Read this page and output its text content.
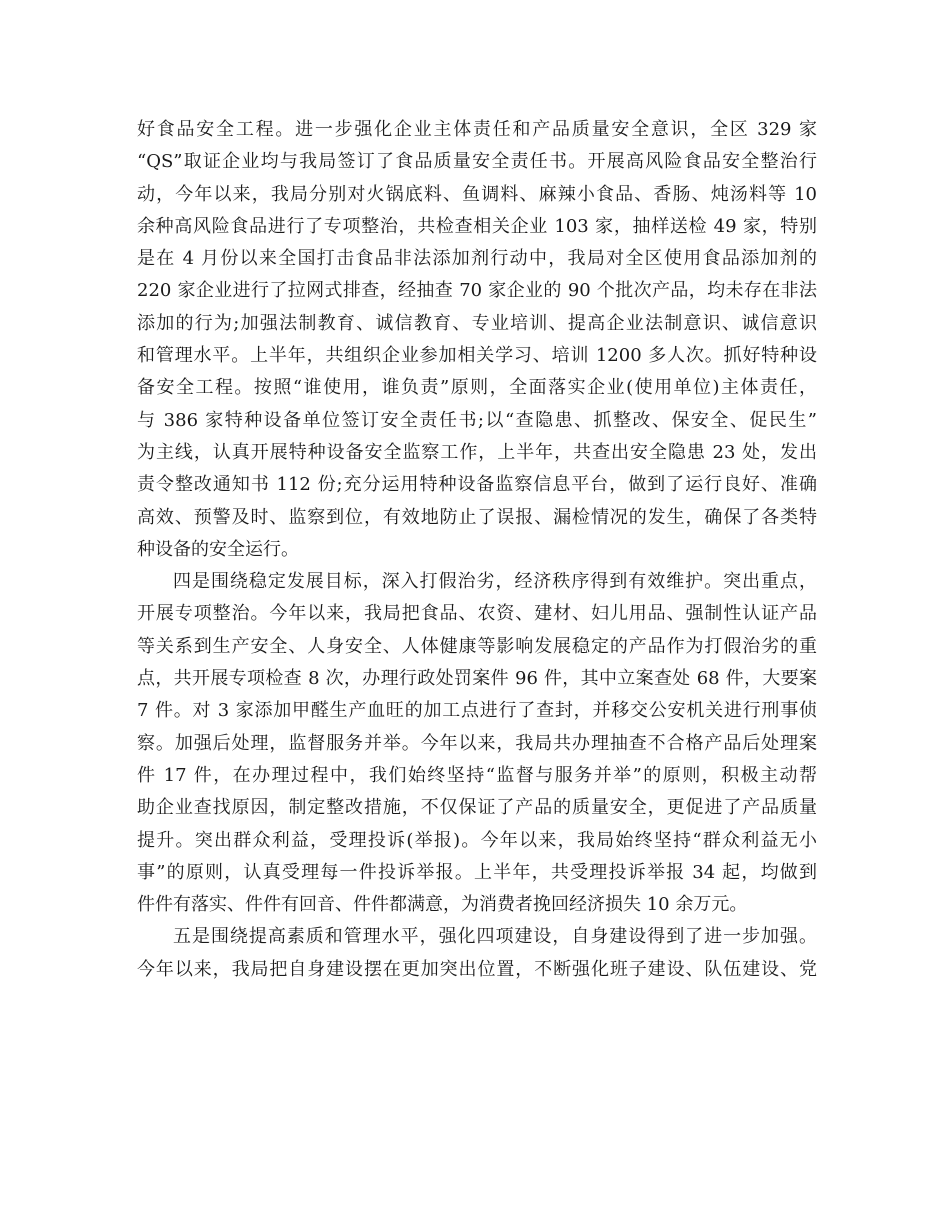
好食品安全工程。进一步强化企业主体责任和产品质量安全意识，全区 329 家
“QS”取证企业均与我局签订了食品质量安全责任书。开展高风险食品安全整治行
动，今年以来，我局分别对火锅底料、鱼调料、麻辣小食品、香肠、炖汤料等 10
余种高风险食品进行了专项整治，共检查相关企业 103 家，抽样送检 49 家，特别
是在 4 月份以来全国打击食品非法添加剂行动中，我局对全区使用食品添加剂的
220 家企业进行了拉网式排查，经抽查 70 家企业的 90 个批次产品，均未存在非法
添加的行为;加强法制教育、诚信教育、专业培训、提高企业法制意识、诚信意识
和管理水平。上半年，共组织企业参加相关学习、培训 1200 多人次。抓好特种设
备安全工程。按照“谁使用，谁负责”原则，全面落实企业(使用单位)主体责任，
与 386 家特种设备单位签订安全责任书;以“查隐患、抓整改、保安全、促民生”
为主线，认真开展特种设备安全监察工作，上半年，共查出安全隐患 23 处，发出
责令整改通知书 112 份;充分运用特种设备监察信息平台，做到了运行良好、准确
高效、预警及时、监察到位，有效地防止了误报、漏检情况的发生，确保了各类特
种设备的安全运行。
四是围绕稳定发展目标，深入打假治劣，经济秩序得到有效维护。突出重点，
开展专项整治。今年以来，我局把食品、农资、建材、妇儿用品、强制性认证产品
等关系到生产安全、人身安全、人体健康等影响发展稳定的产品作为打假治劣的重
点，共开展专项检查 8 次，办理行政处罚案件 96 件，其中立案查处 68 件，大要案
7 件。对 3 家添加甲醛生产血旺的加工点进行了查封，并移交公安机关进行刑事侦
察。加强后处理，监督服务并举。今年以来，我局共办理抽查不合格产品后处理案
件 17 件，在办理过程中，我们始终坚持“监督与服务并举”的原则，积极主动帮
助企业查找原因，制定整改措施，不仅保证了产品的质量安全，更促进了产品质量
提升。突出群众利益，受理投诉(举报)。今年以来，我局始终坚持“群众利益无小
事”的原则，认真受理每一件投诉举报。上半年，共受理投诉举报 34 起，均做到
件件有落实、件件有回音、件件都满意，为消费者挽回经济损失 10 余万元。
五是围绕提高素质和管理水平，强化四项建设，自身建设得到了进一步加强。
今年以来，我局把自身建设摆在更加突出位置，不断强化班子建设、队伍建设、党
